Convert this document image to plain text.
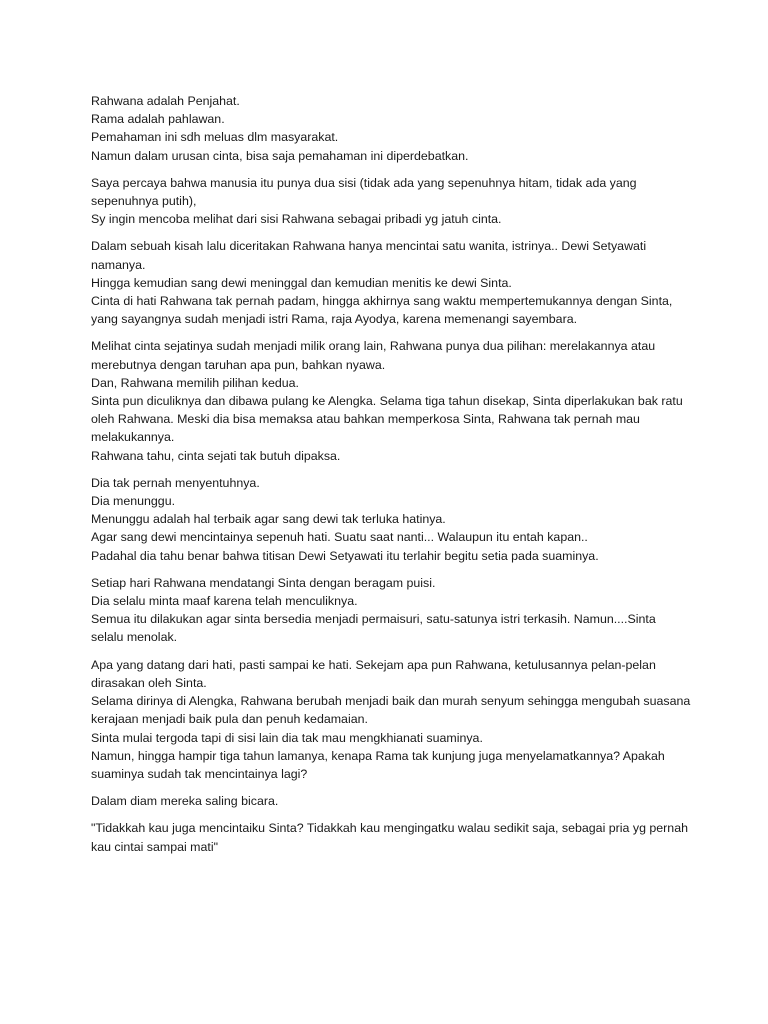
Rahwana adalah Penjahat.
Rama adalah pahlawan.
Pemahaman ini sdh meluas dlm masyarakat.
Namun dalam urusan cinta, bisa saja pemahaman ini diperdebatkan.
Saya percaya bahwa manusia itu punya dua sisi (tidak ada yang sepenuhnya hitam, tidak ada yang sepenuhnya putih),
Sy ingin mencoba melihat dari sisi Rahwana sebagai pribadi yg jatuh cinta.
Dalam sebuah kisah lalu diceritakan Rahwana hanya mencintai satu wanita, istrinya.. Dewi Setyawati namanya.
Hingga kemudian sang dewi meninggal dan kemudian menitis ke dewi Sinta.
Cinta di hati Rahwana tak pernah padam, hingga akhirnya sang waktu mempertemukannya dengan Sinta, yang sayangnya sudah menjadi istri Rama, raja Ayodya, karena memenangi sayembara.
Melihat cinta sejatinya sudah menjadi milik orang lain, Rahwana punya dua pilihan: merelakannya atau merebutnya dengan taruhan apa pun, bahkan nyawa.
Dan, Rahwana memilih pilihan kedua.
Sinta pun diculiknya dan dibawa pulang ke Alengka. Selama tiga tahun disekap, Sinta diperlakukan bak ratu oleh Rahwana. Meski dia bisa memaksa atau bahkan memperkosa Sinta, Rahwana tak pernah mau melakukannya.
Rahwana tahu, cinta sejati tak butuh dipaksa.
Dia tak pernah menyentuhnya.
Dia menunggu.
Menunggu adalah hal terbaik agar sang dewi tak terluka hatinya.
Agar sang dewi mencintainya sepenuh hati. Suatu saat nanti... Walaupun itu entah kapan..
Padahal dia tahu benar bahwa titisan Dewi Setyawati itu terlahir begitu setia pada suaminya.
Setiap hari Rahwana mendatangi Sinta dengan beragam puisi.
Dia selalu minta maaf karena telah menculiknya.
Semua itu dilakukan agar sinta bersedia menjadi permaisuri, satu-satunya istri terkasih. Namun....Sinta selalu menolak.
Apa yang datang dari hati, pasti sampai ke hati. Sekejam apa pun Rahwana, ketulusannya pelan-pelan dirasakan oleh Sinta.
Selama dirinya di Alengka, Rahwana berubah menjadi baik dan murah senyum sehingga mengubah suasana kerajaan menjadi baik pula dan penuh kedamaian.
Sinta mulai tergoda tapi di sisi lain dia tak mau mengkhianati suaminya.
Namun, hingga hampir tiga tahun lamanya, kenapa Rama tak kunjung juga menyelamatkannya? Apakah suaminya sudah tak mencintainya lagi?
Dalam diam mereka saling bicara.
"Tidakkah kau juga mencintaiku Sinta? Tidakkah kau mengingatku walau sedikit saja, sebagai pria yg pernah kau cintai sampai mati"
